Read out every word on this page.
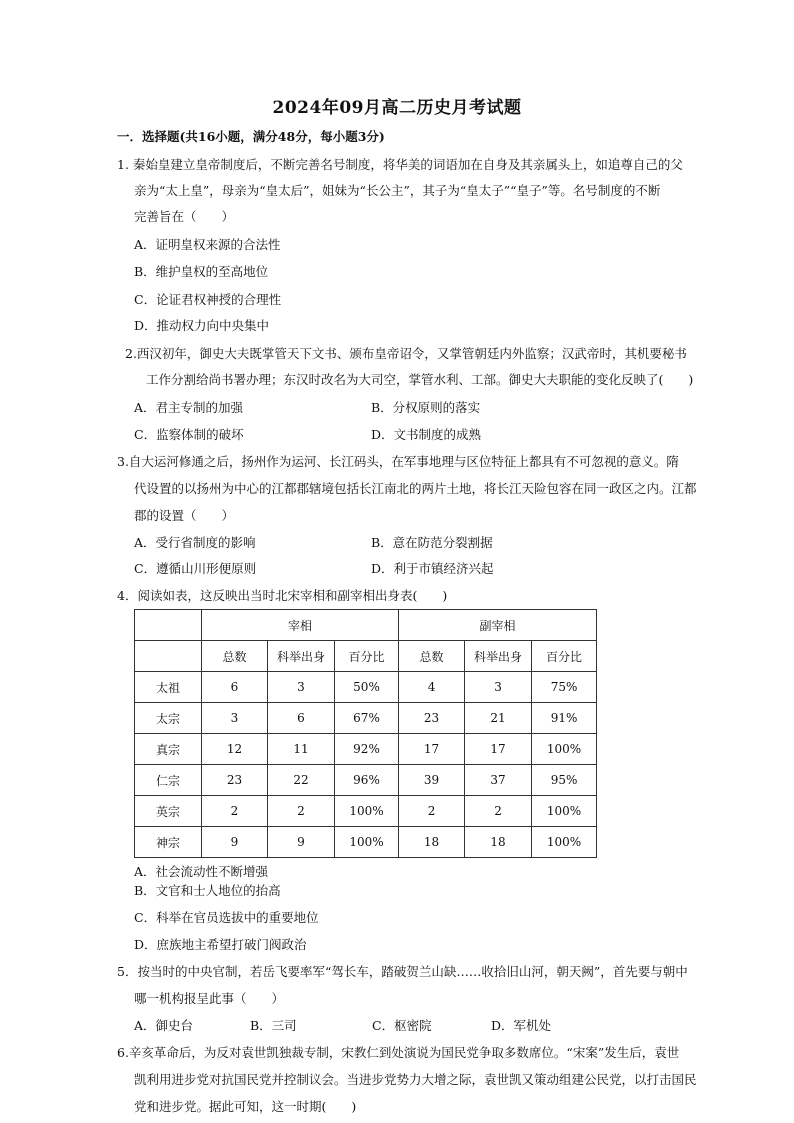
2024年09月高二历史月考试题
一．选择题(共16小题，满分48分，每小题3分)
1. 秦始皇建立皇帝制度后，不断完善名号制度，将华美的词语加在自身及其亲属头上，如追尊自己的父
亲为“太上皇”，母亲为“皇太后”，姐妹为“长公主”，其子为“皇太子”“皇子”等。名号制度的不断
完善旨在（　　）
A．证明皇权来源的合法性
B．维护皇权的至高地位
C．论证君权神授的合理性
D．推动权力向中央集中
2.西汉初年，御史大夫既掌管天下文书、颁布皇帝诏令，又掌管朝廷内外监察；汉武帝时，其机要秘书
工作分割给尚书署办理；东汉时改名为大司空，掌管水利、工部。御史大夫职能的变化反映了(　　)
A．君主专制的加强	B．分权原则的落实
C．监察体制的破坏	D．文书制度的成熟
3.自大运河修通之后，扬州作为运河、长江码头，在军事地理与区位特征上都具有不可忽视的意义。隋
代设置的以扬州为中心的江都郡辖境包括长江南北的两片土地，将长江天险包容在同一政区之内。江都
郡的设置（　　）
A．受行省制度的影响	B．意在防范分裂割据
C．遵循山川形便原则	D．利于市镇经济兴起
4．阅读如表，这反映出当时北宋宰相和副宰相出身表(　　)
	宰相			副宰相		
	总数	科举出身	百分比	总数	科举出身	百分比
太祖	6	3	50%	4	3	75%
太宗	3	6	67%	23	21	91%
真宗	12	11	92%	17	17	100%
仁宗	23	22	96%	39	37	95%
英宗	2	2	100%	2	2	100%
神宗	9	9	100%	18	18	100%
A．社会流动性不断增强
B．文官和士人地位的抬高
C．科举在官员选拔中的重要地位
D．庶族地主希望打破门阀政治
5．按当时的中央官制，若岳飞要率军“驾长车，踏破贺兰山缺……收拾旧山河，朝天阙”，首先要与朝中
哪一机构报呈此事（　　）
A．御史台	B．三司	C．枢密院	D．军机处
6.辛亥革命后，为反对袁世凯独裁专制，宋教仁到处演说为国民党争取多数席位。“宋案”发生后，袁世
凯利用进步党对抗国民党并控制议会。当进步党势力大增之际，袁世凯又策动组建公民党，以打击国民
党和进步党。据此可知，这一时期(　　)
